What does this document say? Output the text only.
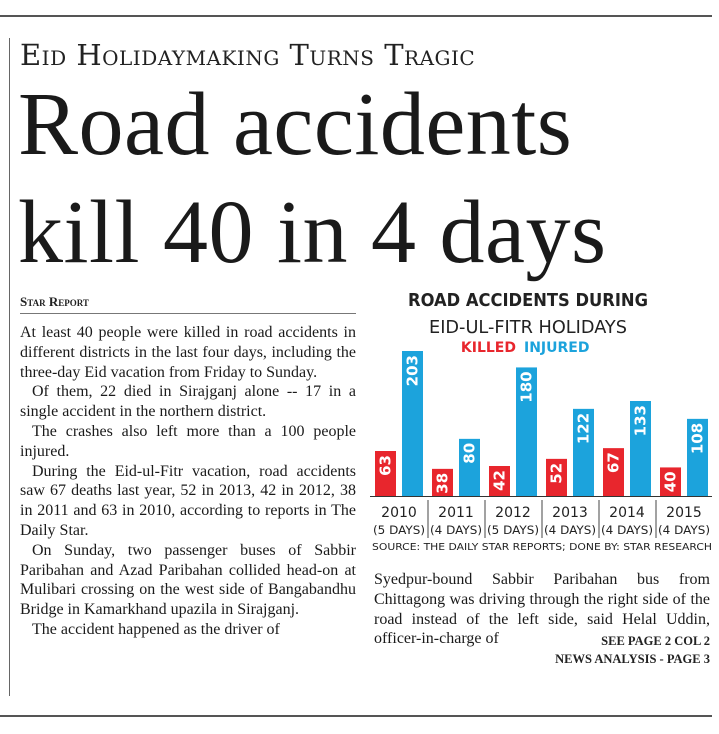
Eid Holidaymaking Turns Tragic
Road accidents
kill 40 in 4 days
Star Report

At least 40 people were killed in road accidents in different districts in the last four days, including the three-day Eid vacation from Friday to Sunday.

Of them, 22 died in Sirajganj alone -- 17 in a single accident in the northern district.

The crashes also left more than a 100 people injured.

During the Eid-ul-Fitr vacation, road accidents saw 67 deaths last year, 52 in 2013, 42 in 2012, 38 in 2011 and 63 in 2010, according to reports in The Daily Star.

On Sunday, two passenger buses of Sabbir Paribahan and Azad Paribahan collided head-on at Mulibari crossing on the west side of Bangabandhu Bridge in Kamarkhand upazila in Sirajganj.

The accident happened as the driver of

ROAD ACCIDENTS DURING
EID-UL-FITR HOLIDAYS
KILLED INJURED
63
203
2010
(5 DAYS)
38
80
2011
(4 DAYS)
42
180
2012
(5 DAYS)
52
122
2013
(4 DAYS)
67
133
2014
(4 DAYS)
40
108
2015
(4 DAYS)
SOURCE: THE DAILY STAR REPORTS; DONE BY: STAR RESEARCH

Syedpur-bound Sabbir Paribahan bus from Chittagong was driving through the right side of the road instead of the left side, said Helal Uddin, officer-in-charge of	SEE PAGE 2 COL 2
NEWS ANALYSIS - PAGE 3
